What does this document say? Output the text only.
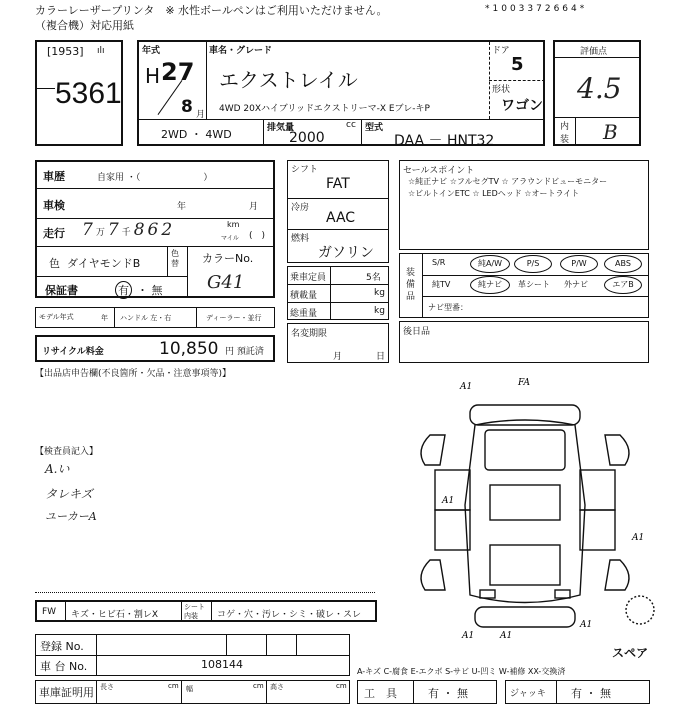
カラーレーザープリンタ　※ 水性ボールペンはご利用いただけません。
（複合機）対応用紙
*1003372664*
[1953] ılı
5361
年式
H 27
8 月
車名・グレード
エクストレイル
4WD 20Xハイブリッドエクストリーマ-X Eブレ-キP
ドア
5
形状
ワゴン
2WD ・ 4WD	排気量	cc
2000
型式
DAA － HNT32
評価点
4.5
内
装 B
車歴	自家用 ・（　　　　　　　）
車検	年	月
走行 7万7千862	km
マイル (　)
色 ダイヤモンドB
色替 カラーNo.
G41
保証書	有 ・ 無
モデル年式	年 ハンドル 左・右	ディーラー・並行
リサイクル料金	10,850 円 預託済
【出品店申告欄(不良箇所・欠品・注意事項等)】
シフト
FAT
冷房
AAC
燃料
ガソリン
乗車定員	5名
積載量	kg
総重量	kg
名変期限
月	日
セールスポイント
☆純正ナビ ☆フルセグTV ☆ アラウンドビューモニター
☆ビルトインETC ☆ LEDヘッド ☆オートライト
装備品
ナビ型番：
S/R	純A/W	P/S	P/W	ABS
純TV	純ナビ	革シート 外ナビ	エアB
後日品
【検査員記入】
A.い
タレキズ
ユーカーA
A1	FA
A1
A1
A1
A1	A1
スペア
FW キズ・ヒビ石・割レX
シート内装	コゲ・穴・汚レ・シミ・破レ・スレ
登録 No.
車 台 No.	108144
車庫証明用 長さ	cm 幅	cm 高さ	cm
A-キズ C-腐食 E-エクボ S-サビ U-凹ミ W-補修 XX-交換済
工　具	有 ・ 無	ジャッキ 有 ・ 無
